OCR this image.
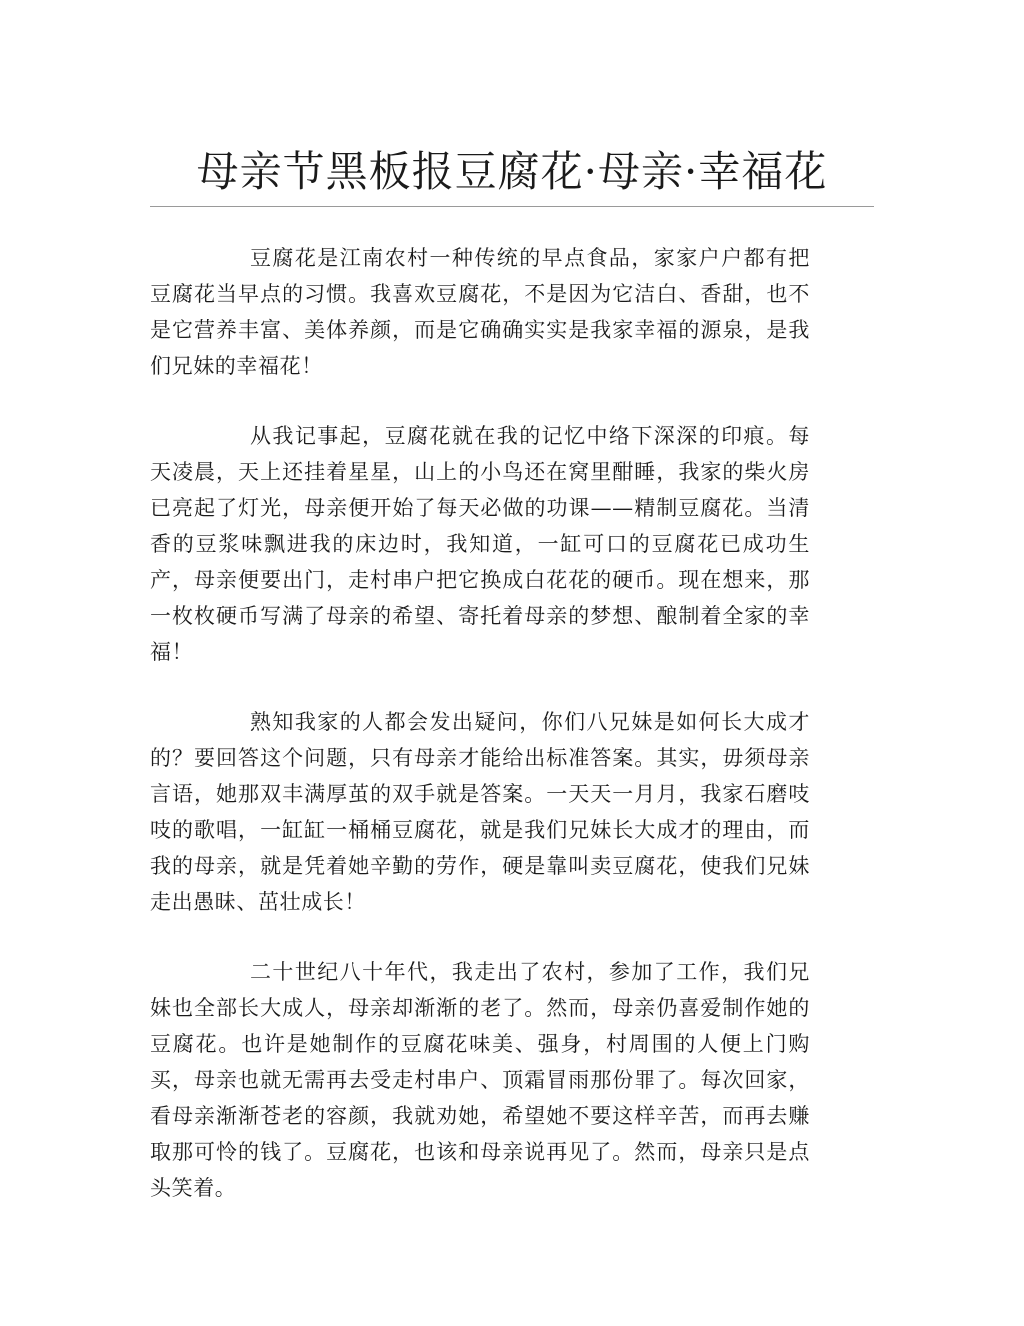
母亲节黑板报豆腐花·母亲·幸福花

豆腐花是江南农村一种传统的早点食品，家家户户都有把豆腐花当早点的习惯。我喜欢豆腐花，不是因为它洁白、香甜，也不是它营养丰富、美体养颜，而是它确确实实是我家幸福的源泉，是我们兄妹的幸福花！

从我记事起，豆腐花就在我的记忆中络下深深的印痕。每天凌晨，天上还挂着星星，山上的小鸟还在窝里酣睡，我家的柴火房已亮起了灯光，母亲便开始了每天必做的功课——精制豆腐花。当清香的豆浆味飘进我的床边时，我知道，一缸可口的豆腐花已成功生产，母亲便要出门，走村串户把它换成白花花的硬币。现在想来，那一枚枚硬币写满了母亲的希望、寄托着母亲的梦想、酿制着全家的幸福！

熟知我家的人都会发出疑问，你们八兄妹是如何长大成才的？要回答这个问题，只有母亲才能给出标准答案。其实，毋须母亲言语，她那双丰满厚茧的双手就是答案。一天天一月月，我家石磨吱吱的歌唱，一缸缸一桶桶豆腐花，就是我们兄妹长大成才的理由，而我的母亲，就是凭着她辛勤的劳作，硬是靠叫卖豆腐花，使我们兄妹走出愚昧、茁壮成长！

二十世纪八十年代，我走出了农村，参加了工作，我们兄妹也全部长大成人，母亲却渐渐的老了。然而，母亲仍喜爱制作她的豆腐花。也许是她制作的豆腐花味美、强身，村周围的人便上门购买，母亲也就无需再去受走村串户、顶霜冒雨那份罪了。每次回家，看母亲渐渐苍老的容颜，我就劝她，希望她不要这样辛苦，而再去赚取那可怜的钱了。豆腐花，也该和母亲说再见了。然而，母亲只是点头笑着。
